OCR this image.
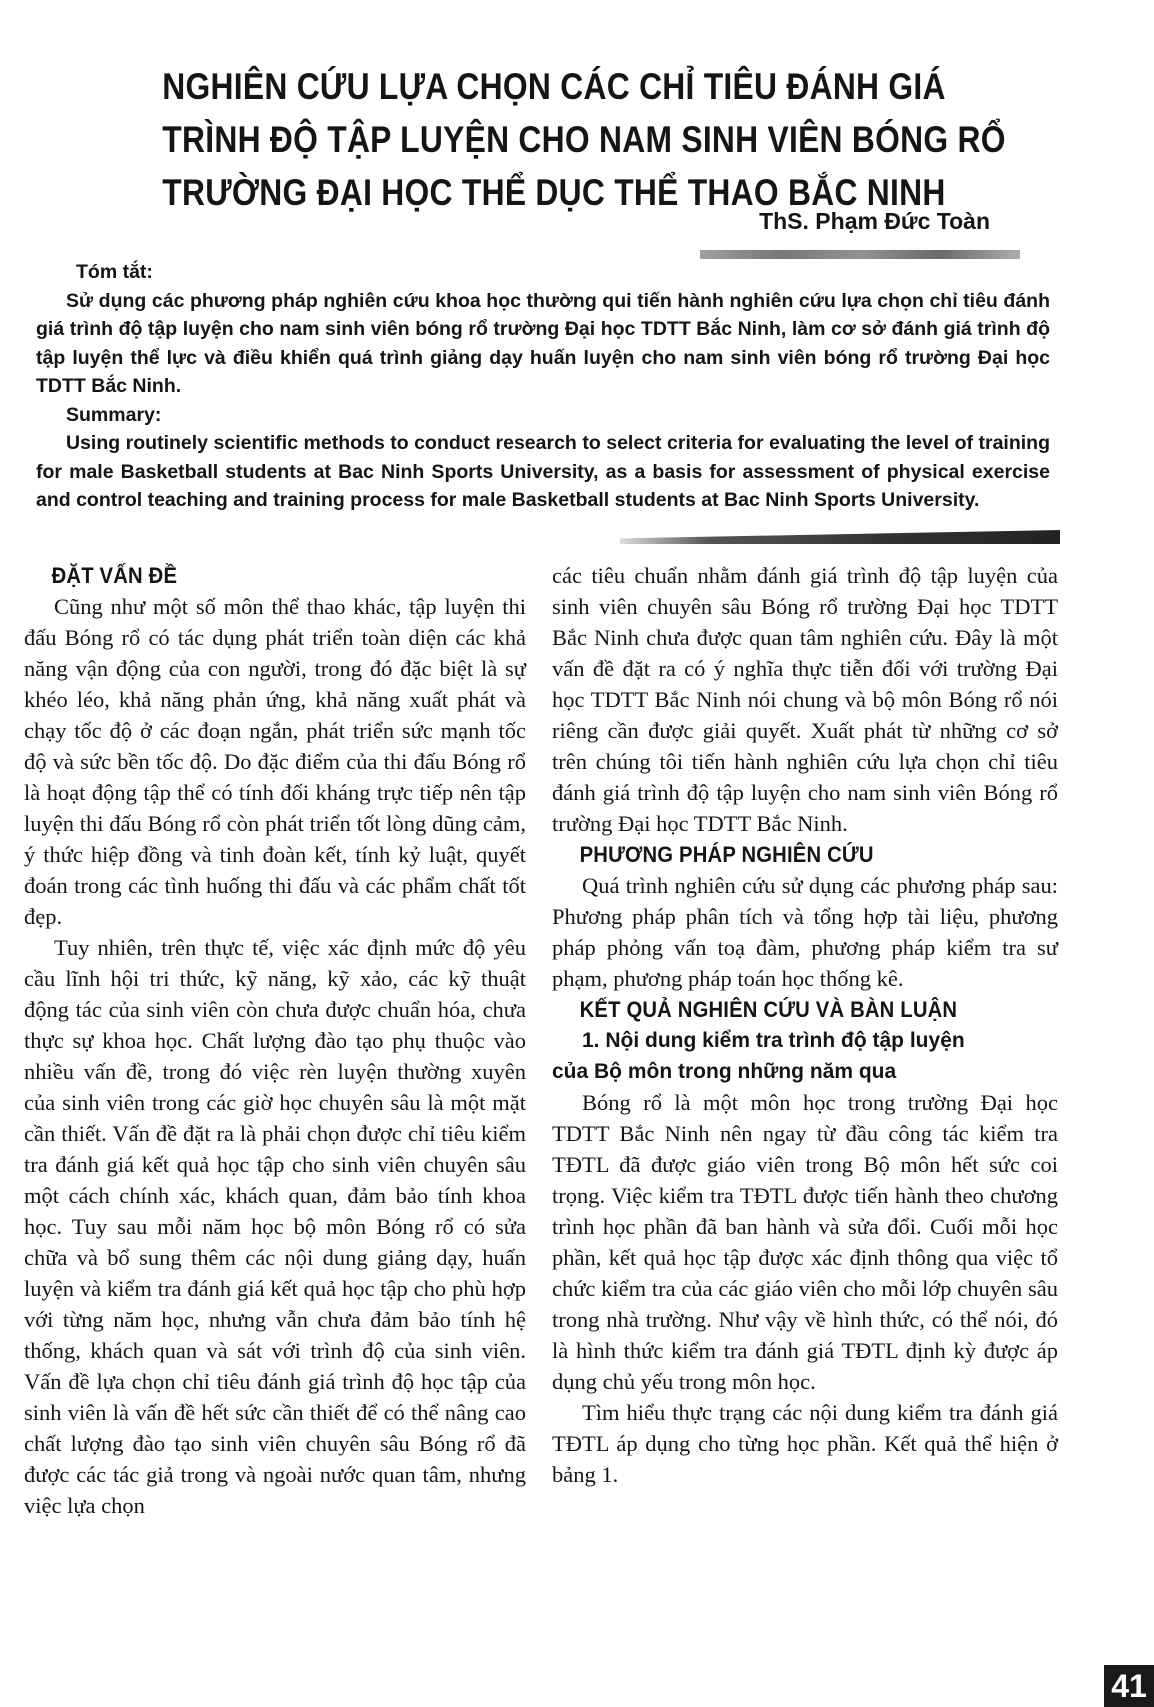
NGHIÊN CỨU LỰA CHỌN CÁC CHỈ TIÊU ĐÁNH GIÁ
TRÌNH ĐỘ TẬP LUYỆN CHO NAM SINH VIÊN BÓNG RỔ
TRƯỜNG ĐẠI HỌC THỂ DỤC THỂ THAO BẮC NINH
ThS. Phạm Đức Toàn
Tóm tắt:
Sử dụng các phương pháp nghiên cứu khoa học thường qui tiến hành nghiên cứu lựa chọn chỉ tiêu đánh giá trình độ tập luyện cho nam sinh viên bóng rổ trường Đại học TDTT Bắc Ninh, làm cơ sở đánh giá trình độ tập luyện thể lực và điều khiển quá trình giảng dạy huấn luyện cho nam sinh viên bóng rổ trường Đại học TDTT Bắc Ninh.
Summary:
Using routinely scientific methods to conduct research to select criteria for evaluating the level of training for male Basketball students at Bac Ninh Sports University, as a basis for assessment of physical exercise and control teaching and training process for male Basketball students at Bac Ninh Sports University.
ĐẶT VẤN ĐỀ

Cũng như một số môn thể thao khác, tập luyện thi đấu Bóng rổ có tác dụng phát triển toàn diện các khả năng vận động của con người, trong đó đặc biệt là sự khéo léo, khả năng phản ứng, khả năng xuất phát và chạy tốc độ ở các đoạn ngắn, phát triển sức mạnh tốc độ và sức bền tốc độ. Do đặc điểm của thi đấu Bóng rổ là hoạt động tập thể có tính đối kháng trực tiếp nên tập luyện thi đấu Bóng rổ còn phát triển tốt lòng dũng cảm, ý thức hiệp đồng và tinh đoàn kết, tính kỷ luật, quyết đoán trong các tình huống thi đấu và các phẩm chất tốt đẹp.

Tuy nhiên, trên thực tế, việc xác định mức độ yêu cầu lĩnh hội tri thức, kỹ năng, kỹ xảo, các kỹ thuật động tác của sinh viên còn chưa được chuẩn hóa, chưa thực sự khoa học. Chất lượng đào tạo phụ thuộc vào nhiều vấn đề, trong đó việc rèn luyện thường xuyên của sinh viên trong các giờ học chuyên sâu là một mặt cần thiết. Vấn đề đặt ra là phải chọn được chỉ tiêu kiểm tra đánh giá kết quả học tập cho sinh viên chuyên sâu một cách chính xác, khách quan, đảm bảo tính khoa học. Tuy sau mỗi năm học bộ môn Bóng rổ có sửa chữa và bổ sung thêm các nội dung giảng dạy, huấn luyện và kiểm tra đánh giá kết quả học tập cho phù hợp với từng năm học, nhưng vẫn chưa đảm bảo tính hệ thống, khách quan và sát với trình độ của sinh viên. Vấn đề lựa chọn chỉ tiêu đánh giá trình độ học tập của sinh viên là vấn đề hết sức cần thiết để có thể nâng cao chất lượng đào tạo sinh viên chuyên sâu Bóng rổ đã được các tác giả trong và ngoài nước quan tâm, nhưng việc lựa chọn

các tiêu chuẩn nhằm đánh giá trình độ tập luyện của sinh viên chuyên sâu Bóng rổ trường Đại học TDTT Bắc Ninh chưa được quan tâm nghiên cứu. Đây là một vấn đề đặt ra có ý nghĩa thực tiễn đối với trường Đại học TDTT Bắc Ninh nói chung và bộ môn Bóng rổ nói riêng cần được giải quyết. Xuất phát từ những cơ sở trên chúng tôi tiến hành nghiên cứu lựa chọn chỉ tiêu đánh giá trình độ tập luyện cho nam sinh viên Bóng rổ trường Đại học TDTT Bắc Ninh.

PHƯƠNG PHÁP NGHIÊN CỨU

Quá trình nghiên cứu sử dụng các phương pháp sau: Phương pháp phân tích và tổng hợp tài liệu, phương pháp phỏng vấn toạ đàm, phương pháp kiểm tra sư phạm, phương pháp toán học thống kê.

KẾT QUẢ NGHIÊN CỨU VÀ BÀN LUẬN
1. Nội dung kiểm tra trình độ tập luyện
của Bộ môn trong những năm qua

Bóng rổ là một môn học trong trường Đại học TDTT Bắc Ninh nên ngay từ đầu công tác kiểm tra TĐTL đã được giáo viên trong Bộ môn hết sức coi trọng. Việc kiểm tra TĐTL được tiến hành theo chương trình học phần đã ban hành và sửa đổi. Cuối mỗi học phần, kết quả học tập được xác định thông qua việc tổ chức kiểm tra của các giáo viên cho mỗi lớp chuyên sâu trong nhà trường. Như vậy về hình thức, có thể nói, đó là hình thức kiểm tra đánh giá TĐTL định kỳ được áp dụng chủ yếu trong môn học.

Tìm hiểu thực trạng các nội dung kiểm tra đánh giá TĐTL áp dụng cho từng học phần. Kết quả thể hiện ở bảng 1.

41
